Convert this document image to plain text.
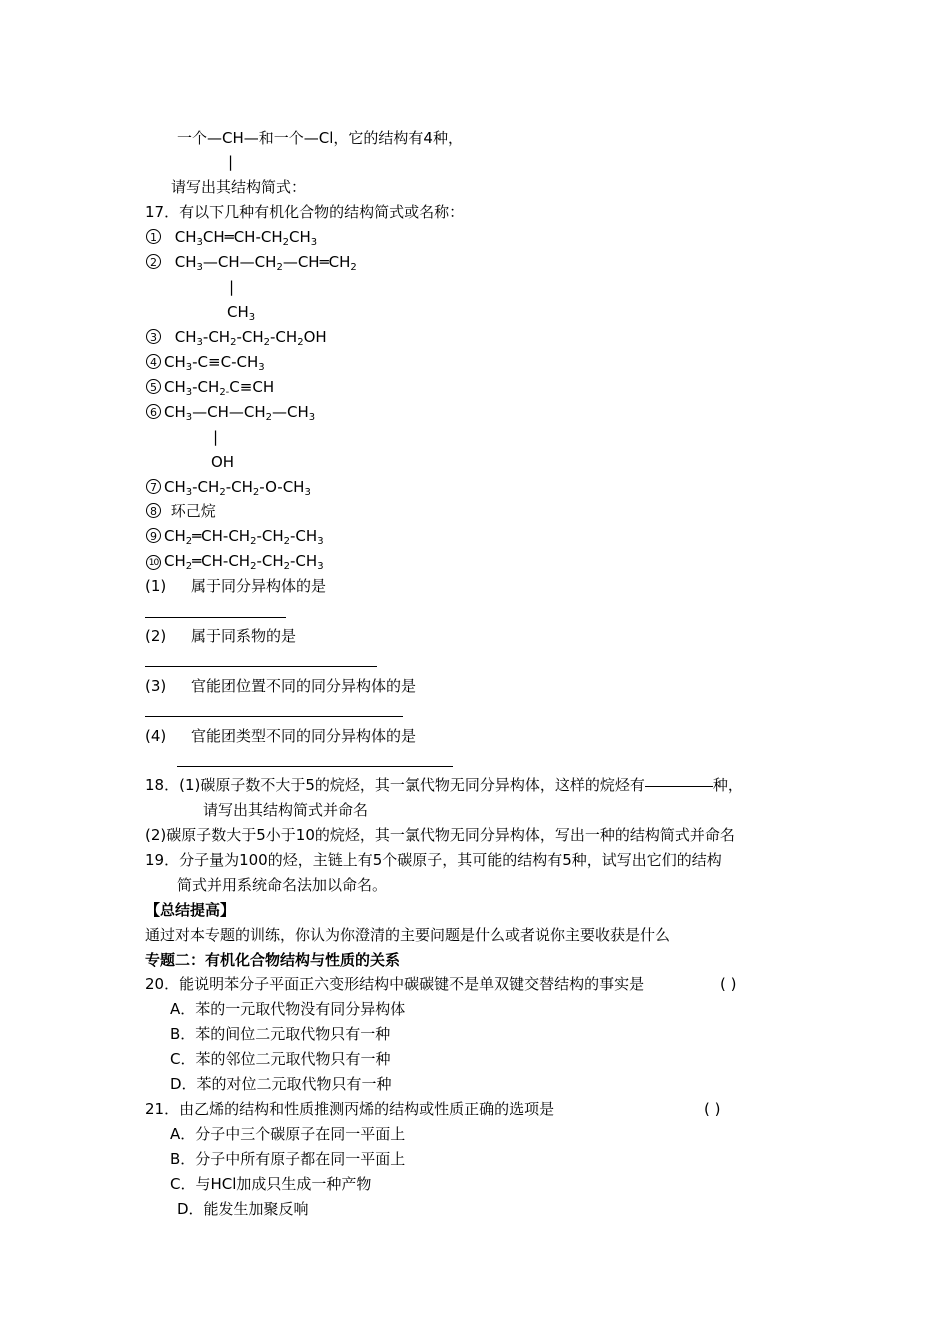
一个—CH—和一个—Cl，它的结构有4种，
|
请写出其结构简式：
17．有以下几种有机化合物的结构简式或名称：
1 $CH_3CH═CH-CH_2CH_3$
2 $CH_3—CH—CH_2—CH═CH_2$
|
$CH_3$
3 $CH_3-CH_2-CH_2-CH_2OH$
4 $CH_3-C\equiv C-CH_3$
5 $CH_3-CH_{2-}C\equiv CH$
6 $CH_3—CH—CH_2—CH_3$
|
OH
7 $CH_3-CH_2-CH_2-O-CH_3$
8 环己烷
9 $CH_2═CH-CH_2-CH_2-CH_3$
10 $CH_2═CH-CH_2-CH_2-CH_3$
(1) 属于同分异构体的是
(2) 属于同系物的是
(3) 官能团位置不同的同分异构体的是
(4) 官能团类型不同的同分异构体的是
18．(1)碳原子数不大于5的烷烃，其一氯代物无同分异构体，这样的烷烃有	种，
请写出其结构简式并命名
(2)碳原子数大于5小于10的烷烃，其一氯代物无同分异构体，写出一种的结构简式并命名
19．分子量为100的烃，主链上有5个碳原子，其可能的结构有5种，试写出它们的结构
简式并用系统命名法加以命名。
【总结提高】
通过对本专题的训练，你认为你澄清的主要问题是什么或者说你主要收获是什么
专题二：有机化合物结构与性质的关系
20．能说明苯分子平面正六变形结构中碳碳键不是单双键交替结构的事实是	( )
A．苯的一元取代物没有同分异构体
B．苯的间位二元取代物只有一种
C．苯的邻位二元取代物只有一种
D．苯的对位二元取代物只有一种
21．由乙烯的结构和性质推测丙烯的结构或性质正确的选项是	( )
A．分子中三个碳原子在同一平面上
B．分子中所有原子都在同一平面上
C．与HCl加成只生成一种产物
D．能发生加聚反响
